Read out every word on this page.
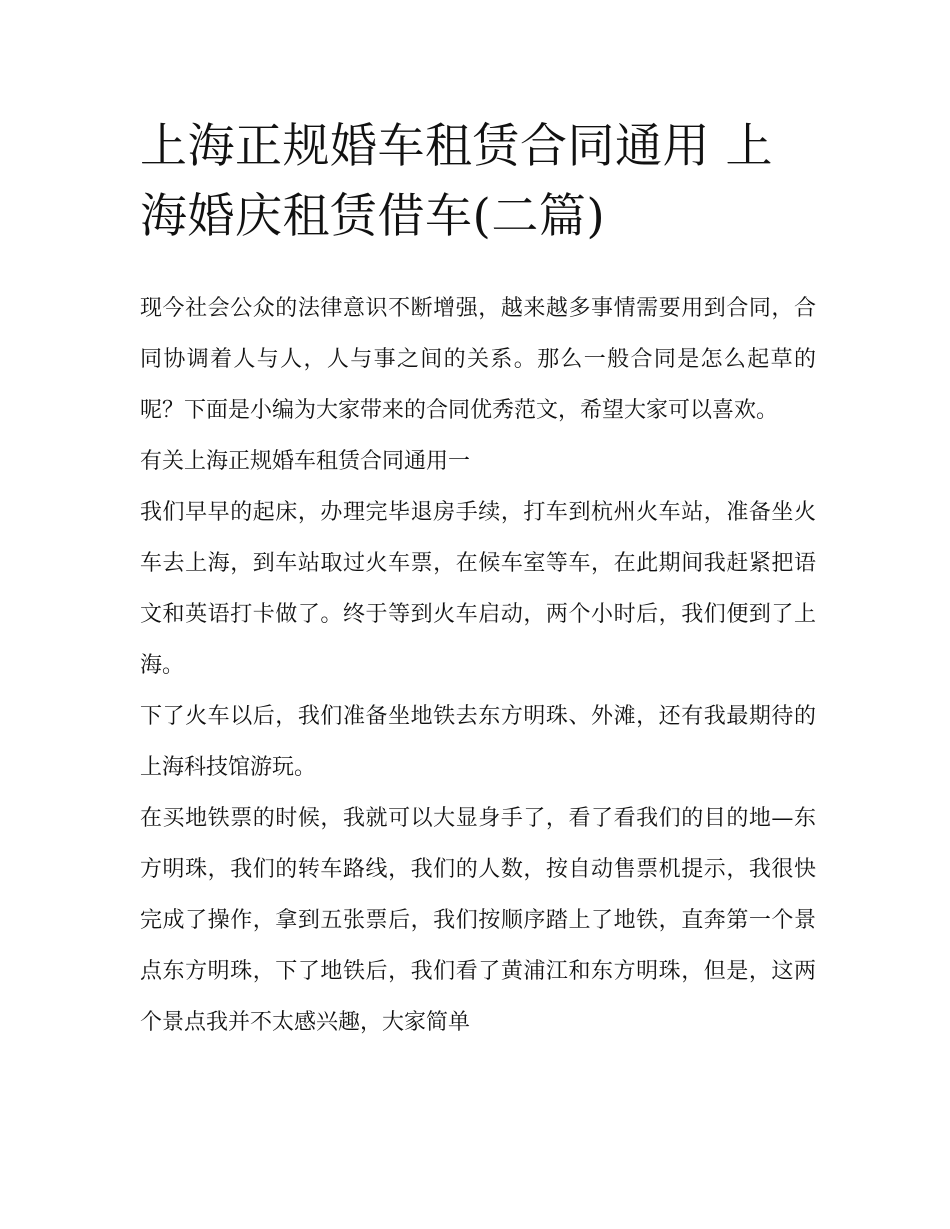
上海正规婚车租赁合同通用 上海婚庆租赁借车(二篇)

现今社会公众的法律意识不断增强，越来越多事情需要用到合同，合同协调着人与人，人与事之间的关系。那么一般合同是怎么起草的呢？下面是小编为大家带来的合同优秀范文，希望大家可以喜欢。

有关上海正规婚车租赁合同通用一

我们早早的起床，办理完毕退房手续，打车到杭州火车站，准备坐火车去上海，到车站取过火车票，在候车室等车，在此期间我赶紧把语文和英语打卡做了。终于等到火车启动，两个小时后，我们便到了上海。

下了火车以后，我们准备坐地铁去东方明珠、外滩，还有我最期待的上海科技馆游玩。

在买地铁票的时候，我就可以大显身手了，看了看我们的目的地—东方明珠，我们的转车路线，我们的人数，按自动售票机提示，我很快完成了操作，拿到五张票后，我们按顺序踏上了地铁，直奔第一个景点东方明珠，下了地铁后，我们看了黄浦江和东方明珠，但是，这两个景点我并不太感兴趣，大家简单
